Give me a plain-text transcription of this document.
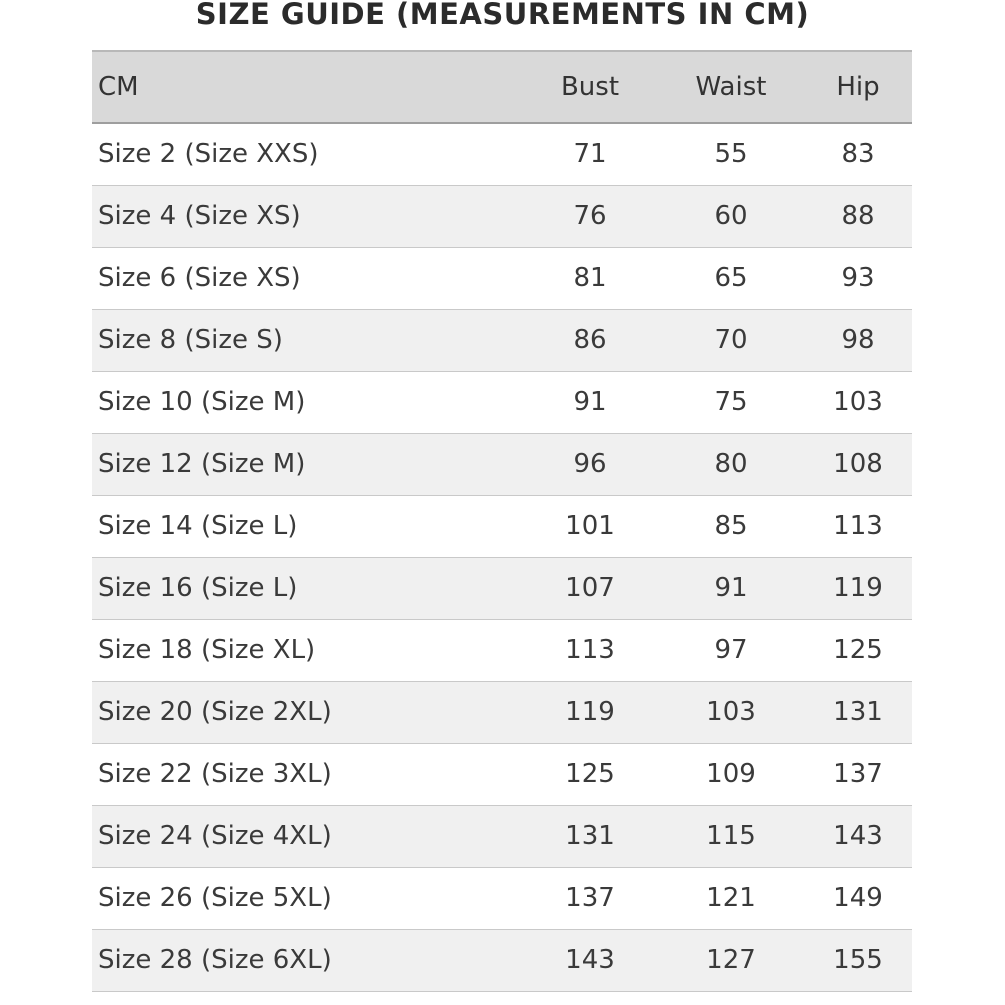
SIZE GUIDE (MEASUREMENTS IN CM)
CM	Bust	Waist	Hip
Size 2 (Size XXS)	71	55	83
Size 4 (Size XS)	76	60	88
Size 6 (Size XS)	81	65	93
Size 8 (Size S)	86	70	98
Size 10 (Size M)	91	75	103
Size 12 (Size M)	96	80	108
Size 14 (Size L)	101	85	113
Size 16 (Size L)	107	91	119
Size 18 (Size XL)	113	97	125
Size 20 (Size 2XL)	119	103	131
Size 22 (Size 3XL)	125	109	137
Size 24 (Size 4XL)	131	115	143
Size 26 (Size 5XL)	137	121	149
Size 28 (Size 6XL)	143	127	155
